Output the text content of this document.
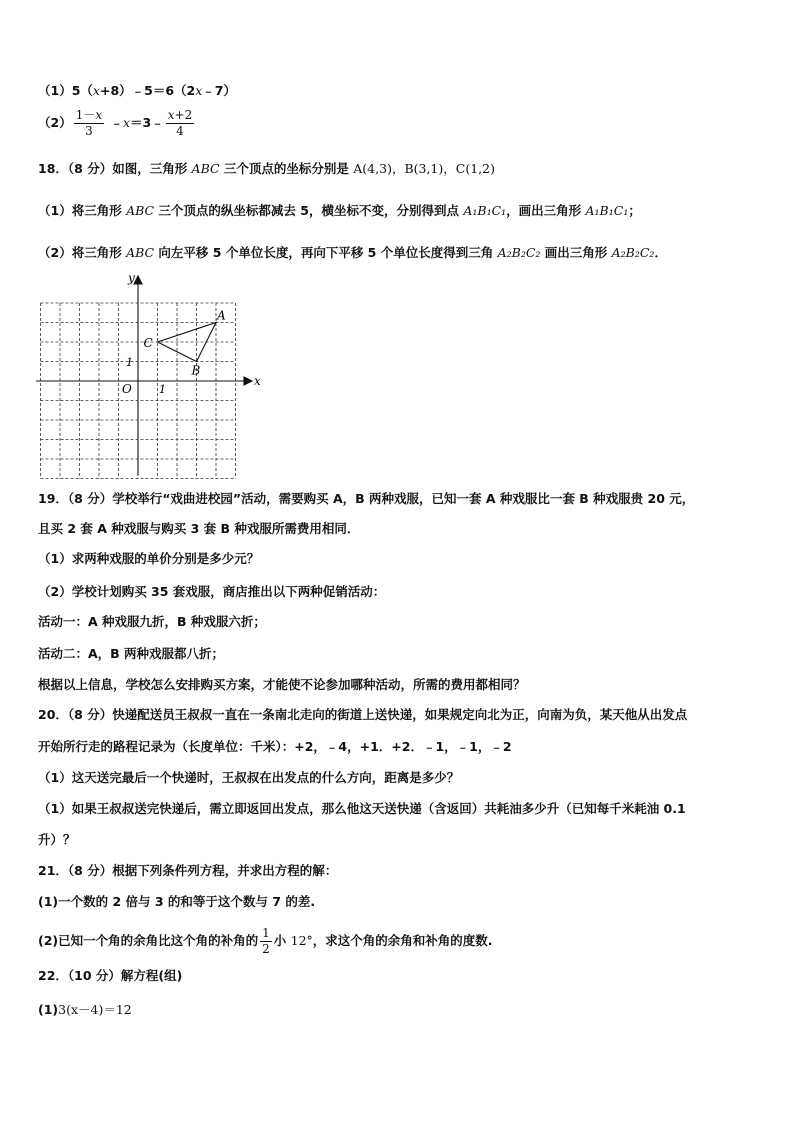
（1）5（x+8）﹣5＝6（2x﹣7）
$(2) \frac{1-x}{3}$ ﹣x＝3﹣ $\frac{x+2}{4}$
18．（8 分）如图，三角形 ABC 三个顶点的坐标分别是 A(4,3)，B(3,1)，C(1,2)
（1）将三角形 ABC 三个顶点的纵坐标都减去 5，横坐标不变，分别得到点 A₁B₁C₁，画出三角形 A₁B₁C₁；
（2）将三角形 ABC 向左平移 5 个单位长度，再向下平移 5 个单位长度得到三角 A₂B₂C₂ 画出三角形 A₂B₂C₂．
x
y
O 1
1
A
B
C
19．（8 分）学校举行“戏曲进校园”活动，需要购买 A，B 两种戏服，已知一套 A 种戏服比一套 B 种戏服贵 20 元，
且买 2 套 A 种戏服与购买 3 套 B 种戏服所需费用相同．
（1）求两种戏服的单价分别是多少元？
（2）学校计划购买 35 套戏服，商店推出以下两种促销活动：
活动一：A 种戏服九折，B 种戏服六折；
活动二：A，B 两种戏服都八折；
根据以上信息，学校怎么安排购买方案，才能使不论参加哪种活动，所需的费用都相同？
20．（8 分）快递配送员王叔叔一直在一条南北走向的街道上送快递，如果规定向北为正，向南为负，某天他从出发点
开始所行走的路程记录为（长度单位：千米）：+2，﹣4，+1．+2．﹣1，﹣1，﹣2
（1）这天送完最后一个快递时，王叔叔在出发点的什么方向，距离是多少？
（1）如果王叔叔送完快递后，需立即返回出发点，那么他这天送快递（含返回）共耗油多少升（已知每千米耗油 0.1
升）？
21．（8 分）根据下列条件列方程，并求出方程的解：
(1)一个数的 2 倍与 3 的和等于这个数与 7 的差.
(2)已知一个角的余角比这个角的补角的 $\frac{1}{2}$ 小 12°，求这个角的余角和补角的度数.
22．（10 分）解方程(组)
(1)3(x－4)＝12
